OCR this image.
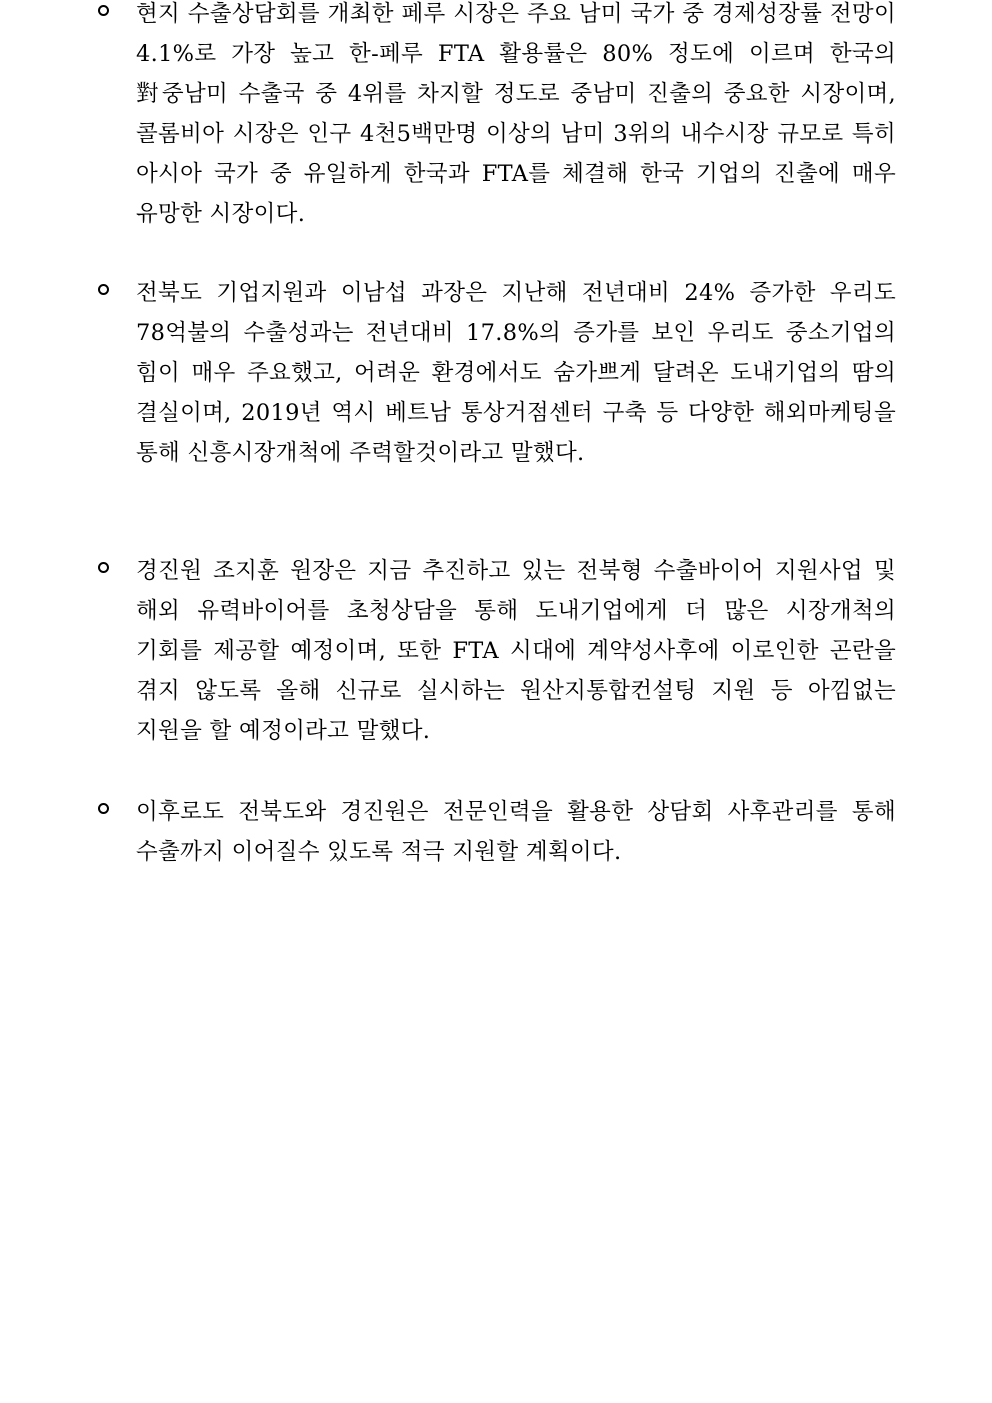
현지 수출상담회를 개최한 페루 시장은 주요 남미 국가 중 경제성장률 전망이 4.1%로 가장 높고 한-페루 FTA 활용률은 80% 정도에 이르며 한국의 對중남미 수출국 중 4위를 차지할 정도로 중남미 진출의 중요한 시장이며, 콜롬비아 시장은 인구 4천5백만명 이상의 남미 3위의 내수시장 규모로 특히 아시아 국가 중 유일하게 한국과 FTA를 체결해 한국 기업의 진출에 매우 유망한 시장이다.
전북도 기업지원과 이남섭 과장은 지난해 전년대비 24% 증가한 우리도 78억불의 수출성과는 전년대비 17.8%의 증가를 보인 우리도 중소기업의 힘이 매우 주요했고, 어려운 환경에서도 숨가쁘게 달려온 도내기업의 땀의 결실이며, 2019년 역시 베트남 통상거점센터 구축 등 다양한 해외마케팅을 통해 신흥시장개척에 주력할것이라고 말했다.
경진원 조지훈 원장은 지금 추진하고 있는 전북형 수출바이어 지원사업 및 해외 유력바이어를 초청상담을 통해 도내기업에게 더 많은 시장개척의 기회를 제공할 예정이며, 또한 FTA 시대에 계약성사후에 이로인한 곤란을 겪지 않도록 올해 신규로 실시하는 원산지통합컨설팅 지원 등 아낌없는 지원을 할 예정이라고 말했다.
이후로도 전북도와 경진원은 전문인력을 활용한 상담회 사후관리를 통해 수출까지 이어질수 있도록 적극 지원할 계획이다.
